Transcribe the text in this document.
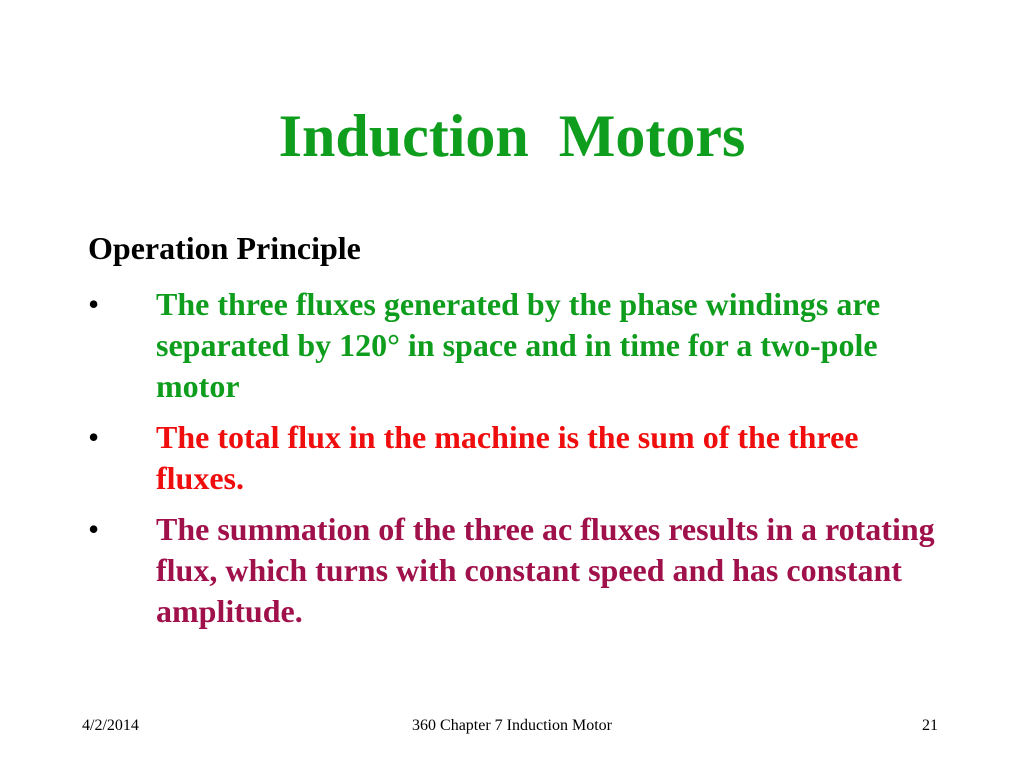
Induction  Motors
Operation Principle
• The three fluxes generated by the phase windings are separated by 120° in space and in time for a two-pole motor
• The total flux in the machine is the sum of the three fluxes.
• The summation of the three ac fluxes results in a rotating flux, which turns with constant speed and has constant amplitude.
4/2/2014	360 Chapter 7 Induction Motor	21
